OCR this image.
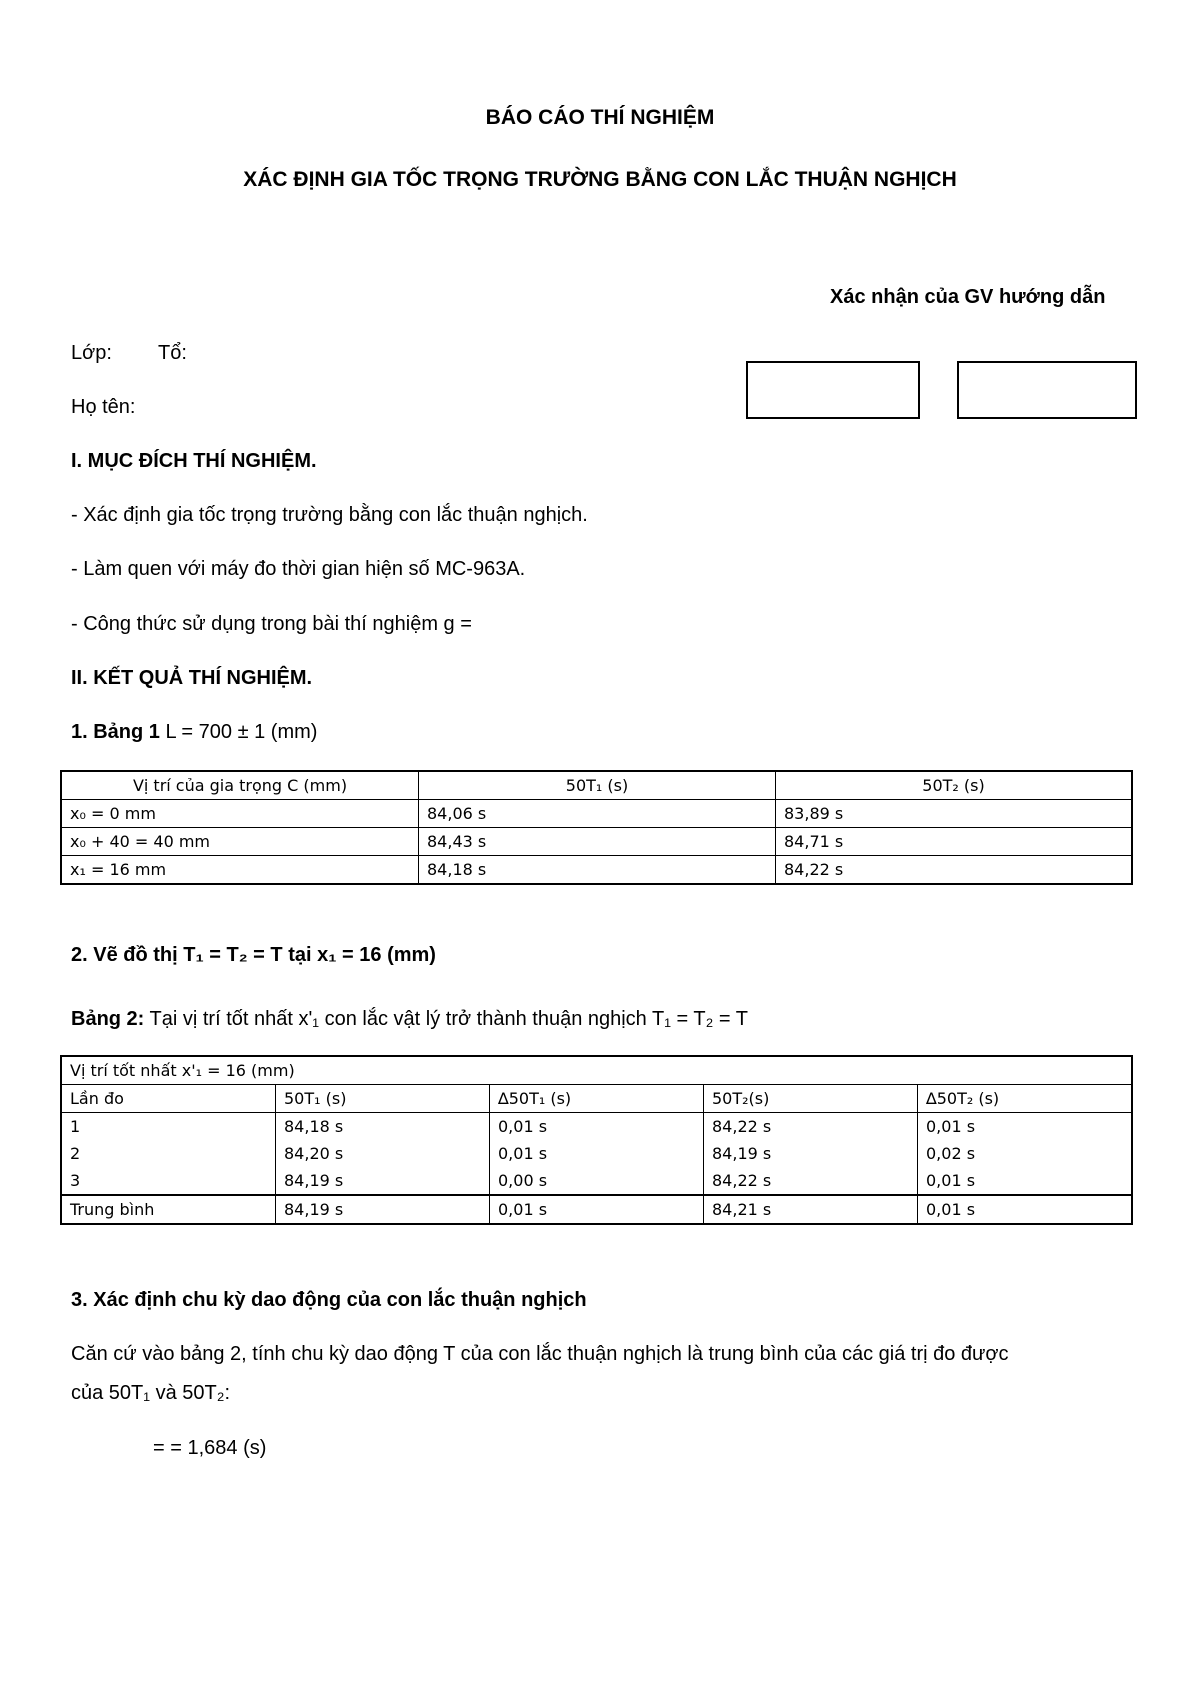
BÁO CÁO THÍ NGHIỆM
XÁC ĐỊNH GIA TỐC TRỌNG TRƯỜNG BẰNG CON LẮC THUẬN NGHỊCH
Xác nhận của GV hướng dẫn
Lớp: Tổ:
Họ tên:
I. MỤC ĐÍCH THÍ NGHIỆM.
- Xác định gia tốc trọng trường bằng con lắc thuận nghịch.
- Làm quen với máy đo thời gian hiện số MC-963A.
- Công thức sử dụng trong bài thí nghiệm g =
II. KẾT QUẢ THÍ NGHIỆM.
1. Bảng 1 L = 700 ± 1 (mm)
Vị trí của gia trọng C (mm)	50T₁ (s)	50T₂ (s)
x₀ = 0 mm	84,06 s	83,89 s
x₀ + 40 = 40 mm	84,43 s	84,71 s
x₁ = 16 mm	84,18 s	84,22 s
2. Vẽ đồ thị T₁ = T₂ = T tại x₁ = 16 (mm)
Bảng 2: Tại vị trí tốt nhất x'₁ con lắc vật lý trở thành thuận nghịch T₁ = T₂ = T
Vị trí tốt nhất x'₁ = 16 (mm)				
Lần đo	50T₁ (s)	∆50T₁ (s)	50T₂(s)	∆50T₂ (s)
1	84,18 s	0,01 s	84,22 s	0,01 s
2	84,20 s	0,01 s	84,19 s	0,02 s
3	84,19 s	0,00 s	84,22 s	0,01 s
Trung bình	84,19 s	0,01 s	84,21 s	0,01 s
3. Xác định chu kỳ dao động của con lắc thuận nghịch
Căn cứ vào bảng 2, tính chu kỳ dao động T của con lắc thuận nghịch là trung bình của các giá trị đo được
của 50T₁ và 50T₂:
= = 1,684 (s)
